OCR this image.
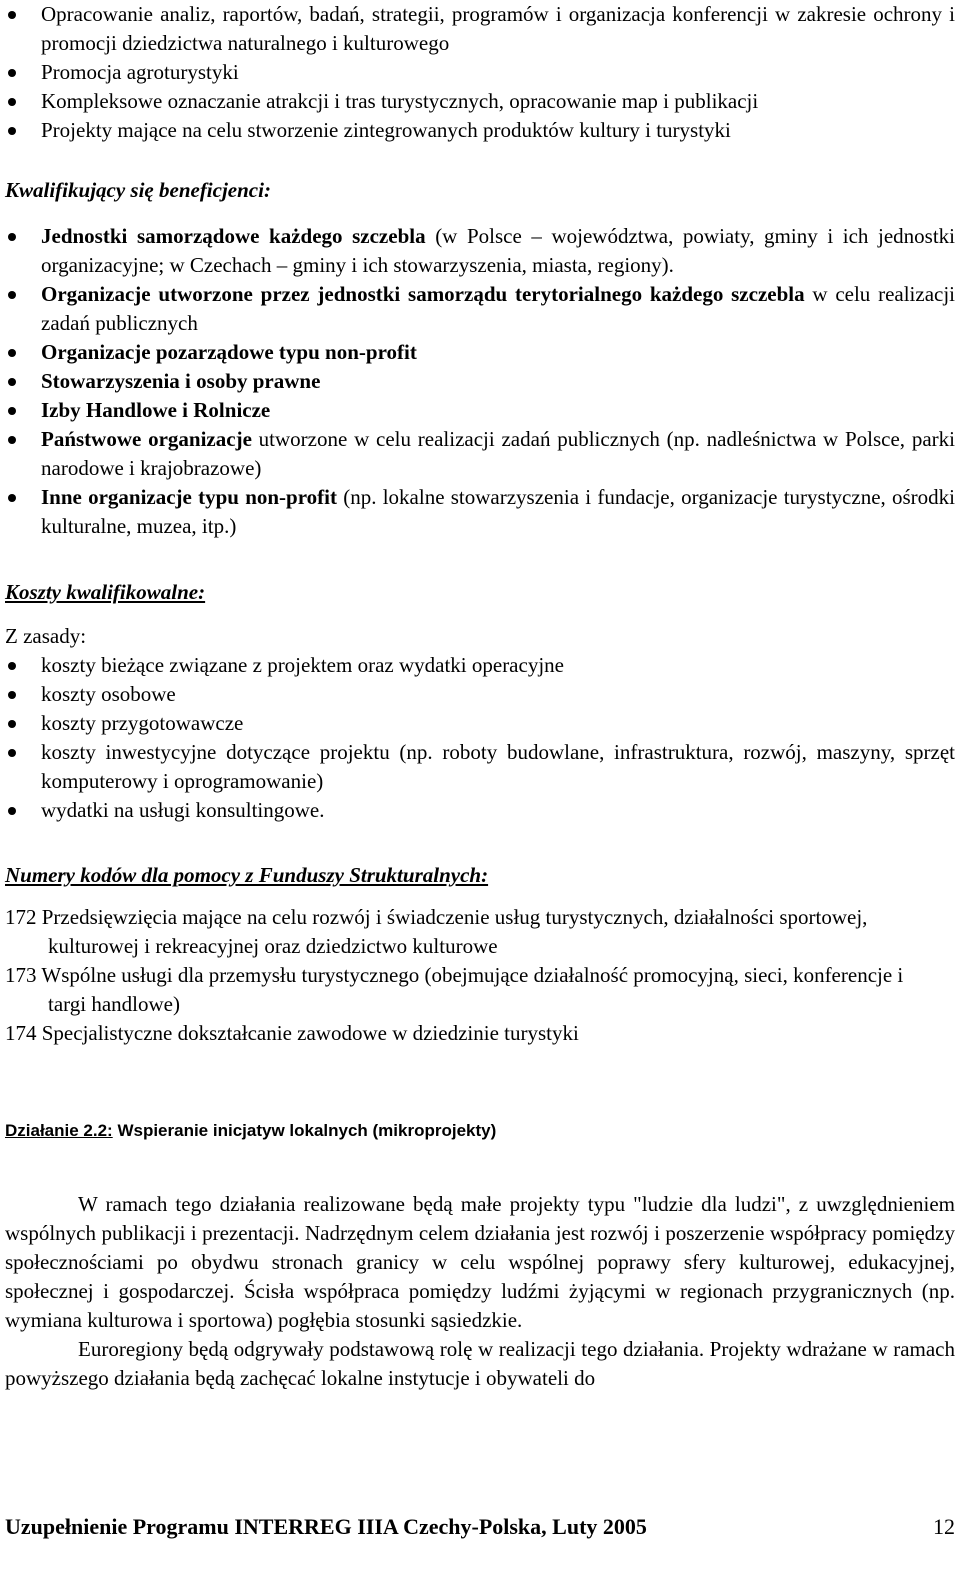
Opracowanie analiz, raportów, badań, strategii, programów i organizacja konferencji w zakresie ochrony i promocji dziedzictwa naturalnego i kulturowego
Promocja agroturystyki
Kompleksowe oznaczanie atrakcji i tras turystycznych, opracowanie map i publikacji
Projekty mające na celu stworzenie zintegrowanych produktów kultury i turystyki
Kwalifikujący się beneficjenci:
Jednostki samorządowe każdego szczebla (w Polsce – województwa, powiaty, gminy i ich jednostki organizacyjne; w Czechach – gminy i ich stowarzyszenia, miasta, regiony).
Organizacje utworzone przez jednostki samorządu terytorialnego każdego szczebla w celu realizacji zadań publicznych
Organizacje pozarządowe typu non-profit
Stowarzyszenia i osoby prawne
Izby Handlowe i Rolnicze
Państwowe organizacje utworzone w celu realizacji zadań publicznych (np. nadleśnictwa w Polsce, parki narodowe i krajobrazowe)
Inne organizacje typu non-profit (np. lokalne stowarzyszenia i fundacje, organizacje turystyczne, ośrodki kulturalne, muzea, itp.)
Koszty kwalifikowalne:
Z zasady:
koszty bieżące związane z projektem oraz wydatki operacyjne
koszty osobowe
koszty przygotowawcze
koszty inwestycyjne dotyczące projektu (np. roboty budowlane, infrastruktura, rozwój, maszyny, sprzęt komputerowy i oprogramowanie)
wydatki na usługi konsultingowe.
Numery kodów dla pomocy z Funduszy Strukturalnych:
172 Przedsięwzięcia mające na celu rozwój i świadczenie usług turystycznych, działalności sportowej, kulturowej i rekreacyjnej oraz dziedzictwo kulturowe
173 Wspólne usługi dla przemysłu turystycznego (obejmujące działalność promocyjną, sieci, konferencje i targi handlowe)
174 Specjalistyczne dokształcanie zawodowe w dziedzinie turystyki
Działanie 2.2: Wspieranie inicjatyw lokalnych (mikroprojekty)

W ramach tego działania realizowane będą małe projekty typu "ludzie dla ludzi", z uwzględnieniem wspólnych publikacji i prezentacji. Nadrzędnym celem działania jest rozwój i poszerzenie współpracy pomiędzy społecznościami po obydwu stronach granicy w celu wspólnej poprawy sfery kulturowej, edukacyjnej, społecznej i gospodarczej. Ścisła współpraca pomiędzy ludźmi żyjącymi w regionach przygranicznych (np. wymiana kulturowa i sportowa) pogłębia stosunki sąsiedzkie.

Euroregiony będą odgrywały podstawową rolę w realizacji tego działania. Projekty wdrażane w ramach powyższego działania będą zachęcać lokalne instytucje i obywateli do

Uzupełnienie Programu INTERREG IIIA Czechy-Polska, Luty 2005	12
